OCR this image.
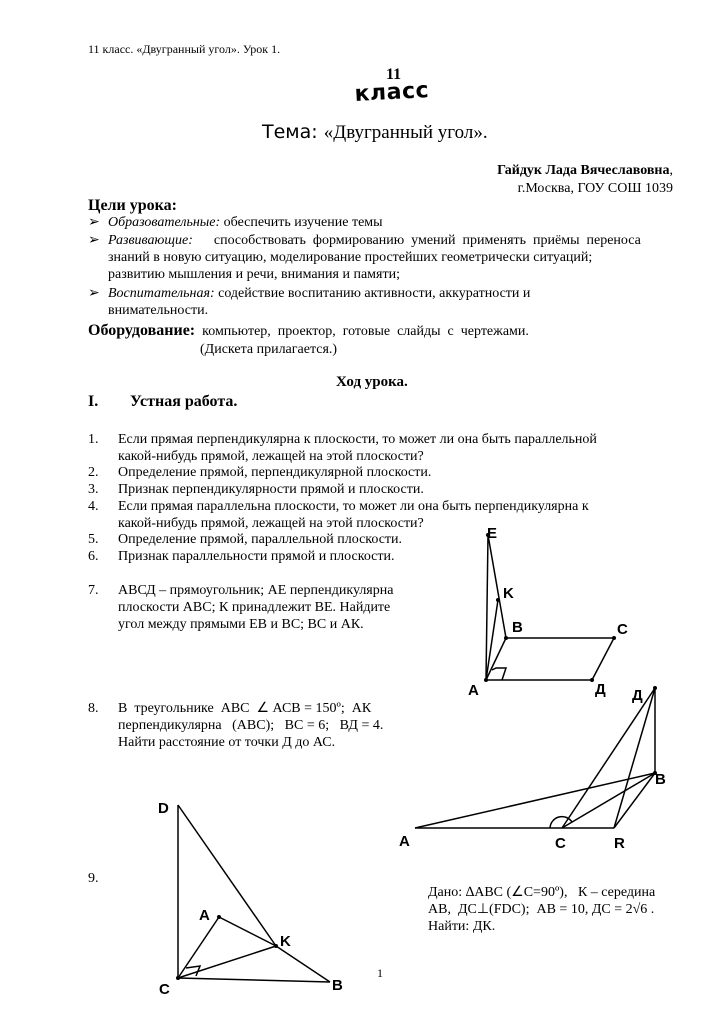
11 класс. «Двугранный угол». Урок 1.
11
класс
Тема: «Двугранный угол».
Гайдук Лада Вячеславовна,
г.Москва, ГОУ СОШ 1039
Цели урока:
➢ Образовательные: обеспечить изучение темы
➢ Развивающие:      способствовать  формированию  умений  применять  приёмы  переноса
знаний в новую ситуацию, моделирование простейших геометрически ситуаций;
развитию мышления и речи, внимания и памяти;
➢ Воспитательная: содействие воспитанию активности, аккуратности и
внимательности.
Оборудование:  компьютер,  проектор,  готовые  слайды  с  чертежами.
(Дискета прилагается.)
Ход урока.
I. Устная работа.
1. Если прямая перпендикулярна к плоскости, то может ли она быть параллельной
какой-нибудь прямой, лежащей на этой плоскости?
2. Определение прямой, перпендикулярной плоскости.
3. Признак перпендикулярности прямой и плоскости.
4. Если прямая параллельна плоскости, то может ли она быть перпендикулярна к
какой-нибудь прямой, лежащей на этой плоскости?
5. Определение прямой, параллельной плоскости.
6. Признак параллельности прямой и плоскости.
7. АВСД – прямоугольник; АЕ перпендикулярна
плоскости АВС; К принадлежит ВЕ. Найдите
угол между прямыми ЕВ и ВС; ВС и АК.
8. В  треугольнике  АВС  ∠ АСВ = 150º;  АК
перпендикулярна   (АВС);   ВС = 6;   ВД = 4.
Найти расстояние от точки Д до АС.
9.
E
K
B	C
A	Д Д
B
A	C	R
D
A
K
C	B
Дано: ∆АВС (∠С=90º),   К – середина
АВ,  ДС⊥(FDC);  АВ = 10, ДС = 2√6 .
Найти: ДК.
1
